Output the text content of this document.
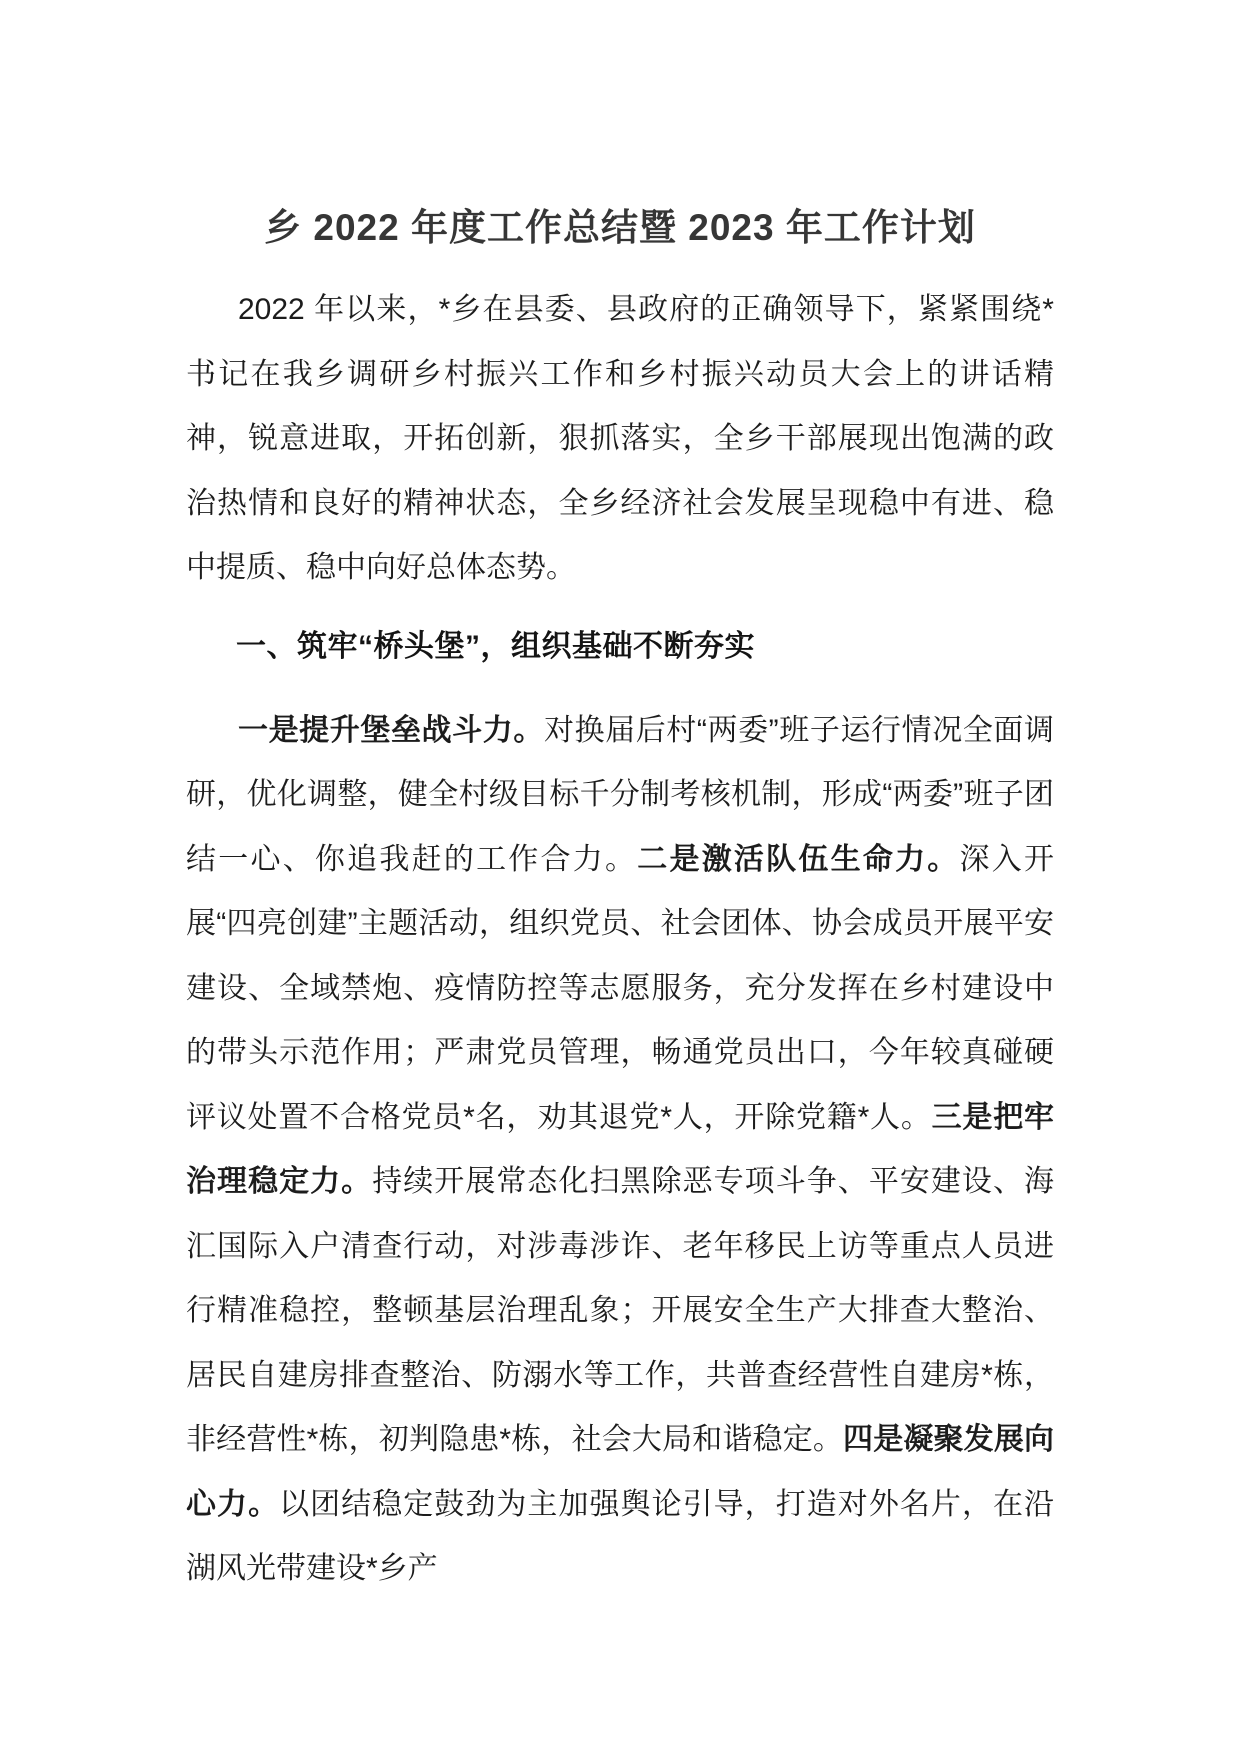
乡 2022 年度工作总结暨 2023 年工作计划

2022 年以来，*乡在县委、县政府的正确领导下，紧紧围绕*书记在我乡调研乡村振兴工作和乡村振兴动员大会上的讲话精神，锐意进取，开拓创新，狠抓落实，全乡干部展现出饱满的政治热情和良好的精神状态，全乡经济社会发展呈现稳中有进、稳中提质、稳中向好总体态势。

一、筑牢“桥头堡”，组织基础不断夯实

一是提升堡垒战斗力。对换届后村“两委”班子运行情况全面调研，优化调整，健全村级目标千分制考核机制，形成“两委”班子团结一心、你追我赶的工作合力。二是激活队伍生命力。深入开展“四亮创建”主题活动，组织党员、社会团体、协会成员开展平安建设、全域禁炮、疫情防控等志愿服务，充分发挥在乡村建设中的带头示范作用；严肃党员管理，畅通党员出口，今年较真碰硬评议处置不合格党员*名，劝其退党*人，开除党籍*人。三是把牢治理稳定力。持续开展常态化扫黑除恶专项斗争、平安建设、海汇国际入户清查行动，对涉毒涉诈、老年移民上访等重点人员进行精准稳控，整顿基层治理乱象；开展安全生产大排查大整治、居民自建房排查整治、防溺水等工作，共普查经营性自建房*栋，非经营性*栋，初判隐患*栋，社会大局和谐稳定。四是凝聚发展向心力。以团结稳定鼓劲为主加强舆论引导，打造对外名片，在沿湖风光带建设*乡产
